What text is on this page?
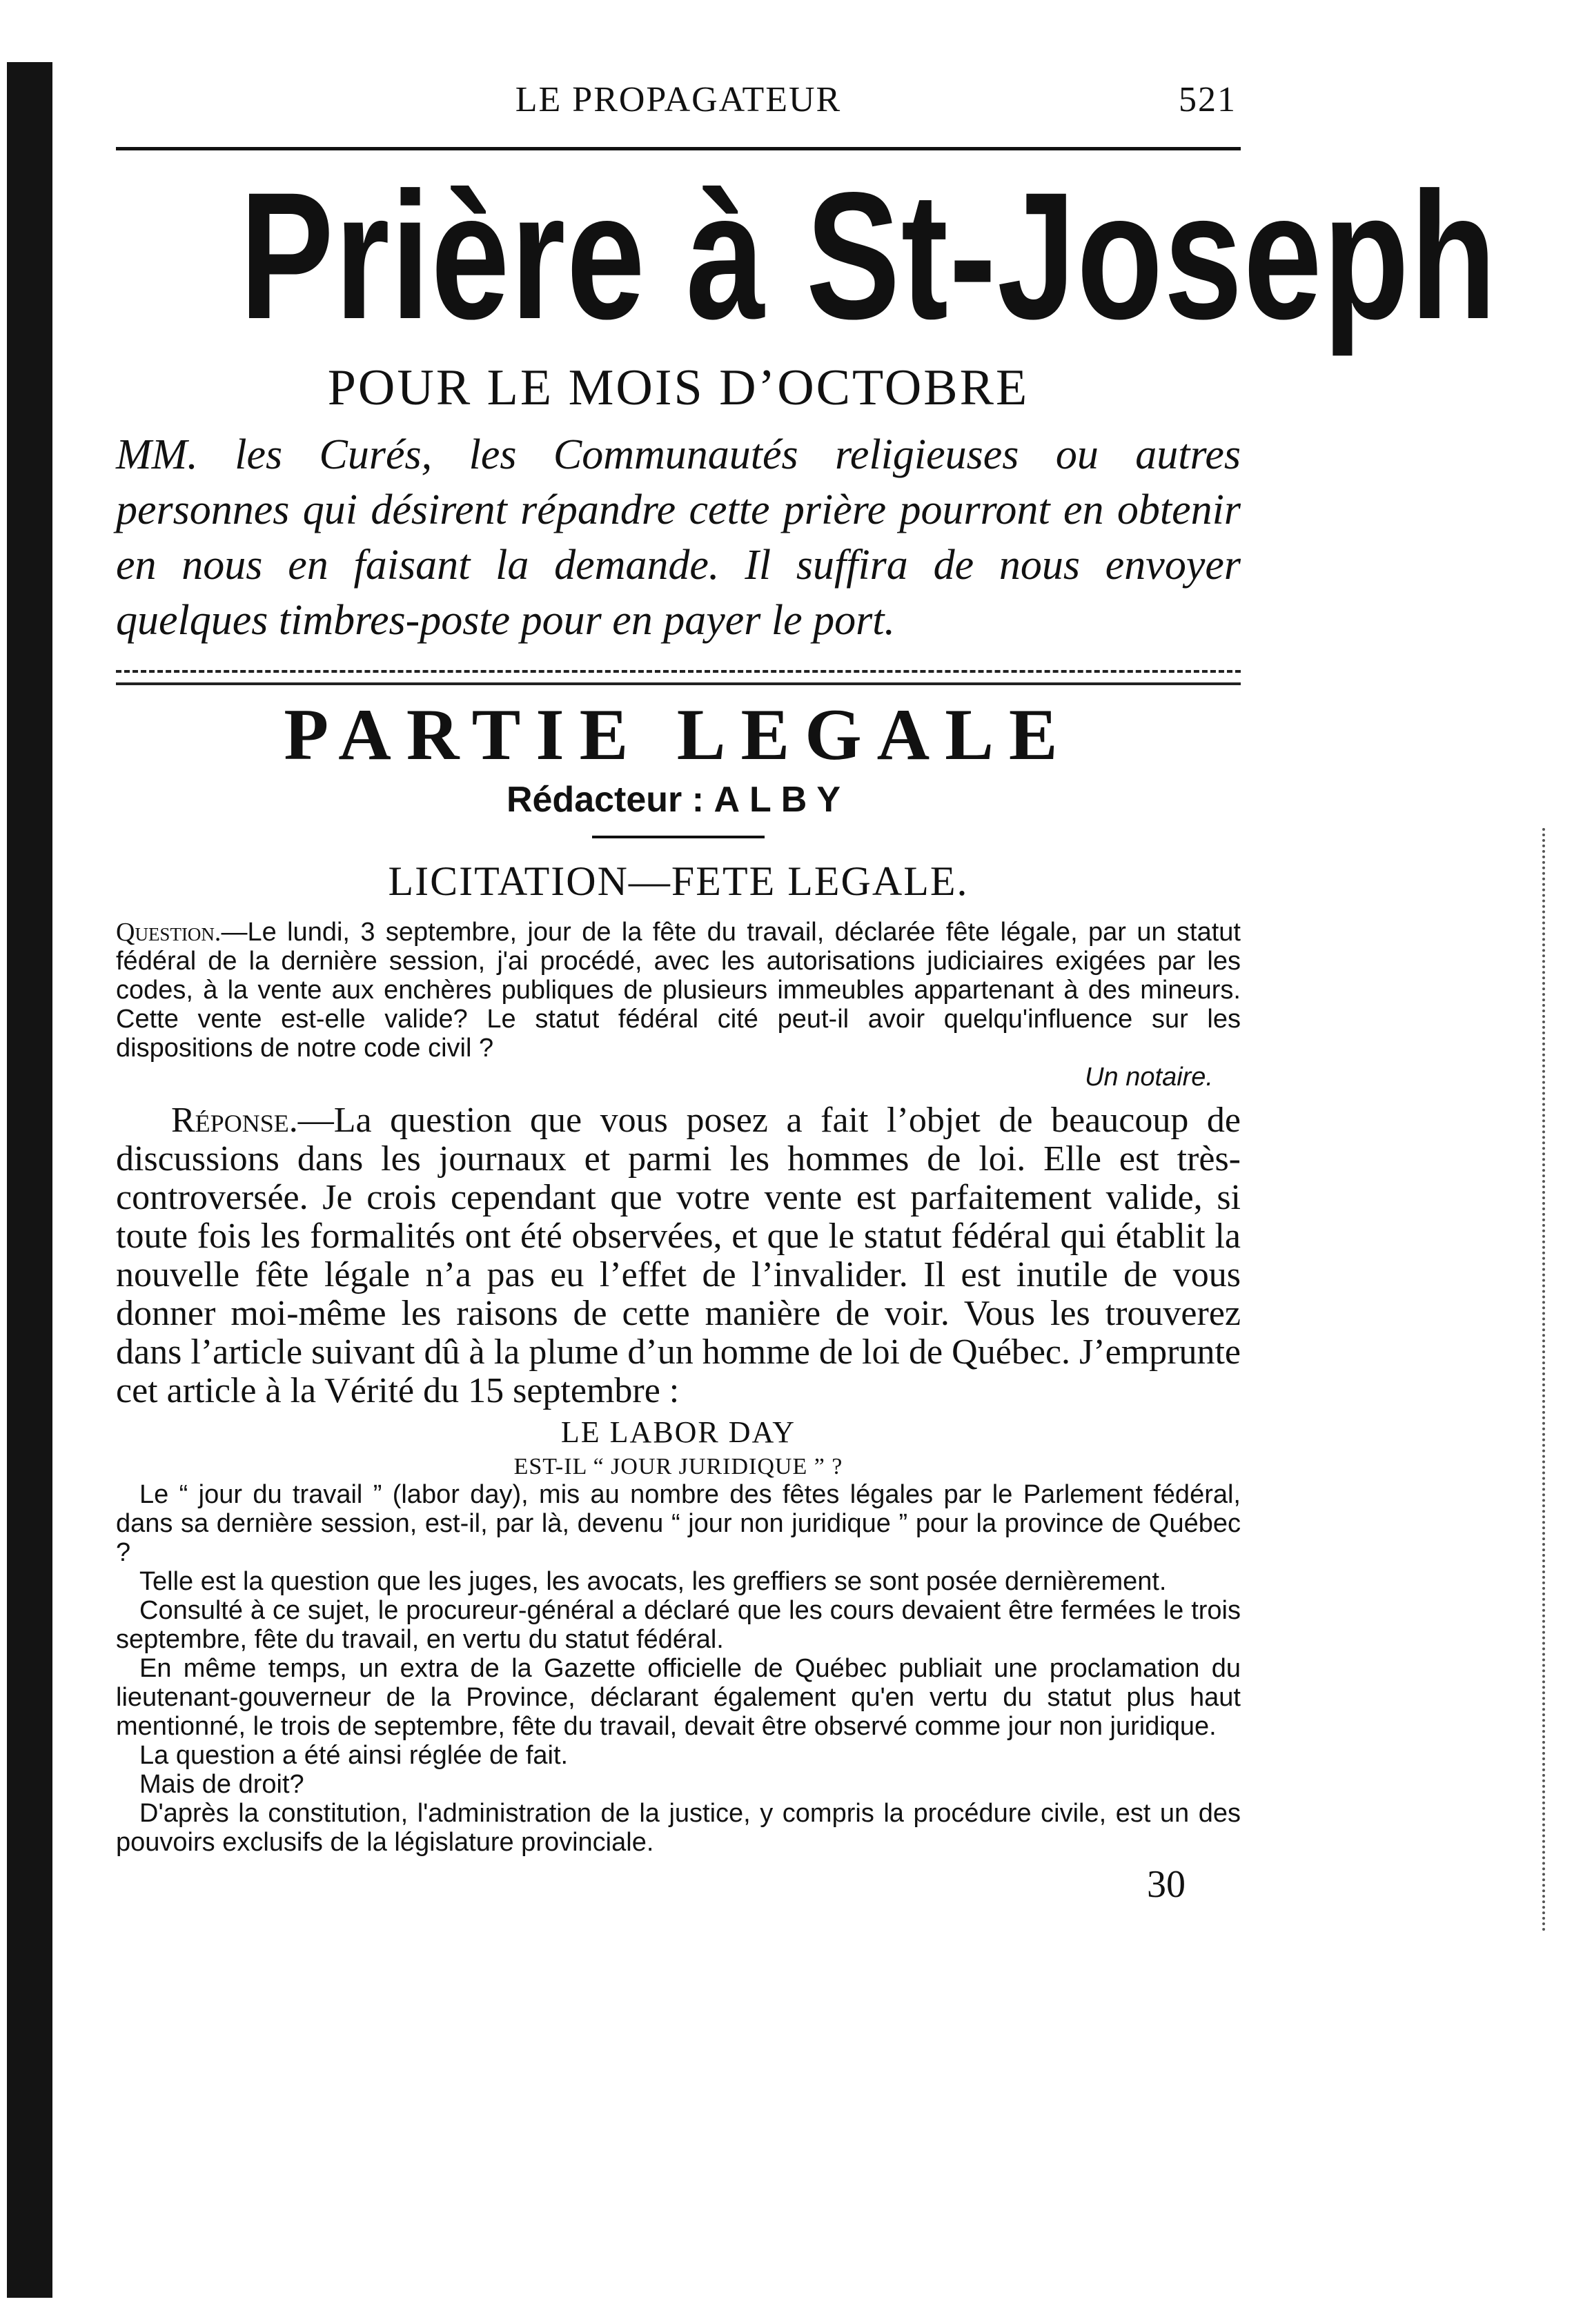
LE PROPAGATEUR	521
Prière à St-Joseph
POUR LE MOIS D’OCTOBRE
MM. les Curés, les Communautés religieuses ou autres personnes qui désirent répandre cette prière pourront en obtenir en nous en faisant la demande. Il suffira de nous envoyer quelques timbres-poste pour en payer le port.
PARTIE LEGALE
Rédacteur : ALBY
LICITATION—FETE LEGALE.
Question.—Le lundi, 3 septembre, jour de la fête du travail, déclarée fête légale, par un statut fédéral de la dernière session, j'ai procédé, avec les autorisations judiciaires exigées par les codes, à la vente aux enchères publiques de plusieurs immeubles appartenant à des mineurs. Cette vente est-elle valide? Le statut fédéral cité peut-il avoir quelqu'influence sur les dispositions de notre code civil ?
Un notaire.
Réponse.—La question que vous posez a fait l’objet de beaucoup de discussions dans les journaux et parmi les hommes de loi. Elle est très-controversée. Je crois cependant que votre vente est parfaitement valide, si toute fois les formalités ont été observées, et que le statut fédéral qui établit la nouvelle fête légale n’a pas eu l’effet de l’invalider. Il est inutile de vous donner moi-même les raisons de cette manière de voir. Vous les trouverez dans l’article suivant dû à la plume d’un homme de loi de Québec. J’emprunte cet article à la Vérité du 15 septembre :
LE LABOR DAY
EST-IL “ JOUR JURIDIQUE ” ?

Le “ jour du travail ” (labor day), mis au nombre des fêtes légales par le Parlement fédéral, dans sa dernière session, est-il, par là, devenu “ jour non juridique ” pour la province de Québec ?

Telle est la question que les juges, les avocats, les greffiers se sont posée dernièrement.

Consulté à ce sujet, le procureur-général a déclaré que les cours devaient être fermées le trois septembre, fête du travail, en vertu du statut fédéral.

En même temps, un extra de la Gazette officielle de Québec publiait une proclamation du lieutenant-gouverneur de la Province, déclarant également qu'en vertu du statut plus haut mentionné, le trois de septembre, fête du travail, devait être observé comme jour non juridique.

La question a été ainsi réglée de fait.

Mais de droit?

D'après la constitution, l'administration de la justice, y compris la procédure civile, est un des pouvoirs exclusifs de la législature provinciale.

30
